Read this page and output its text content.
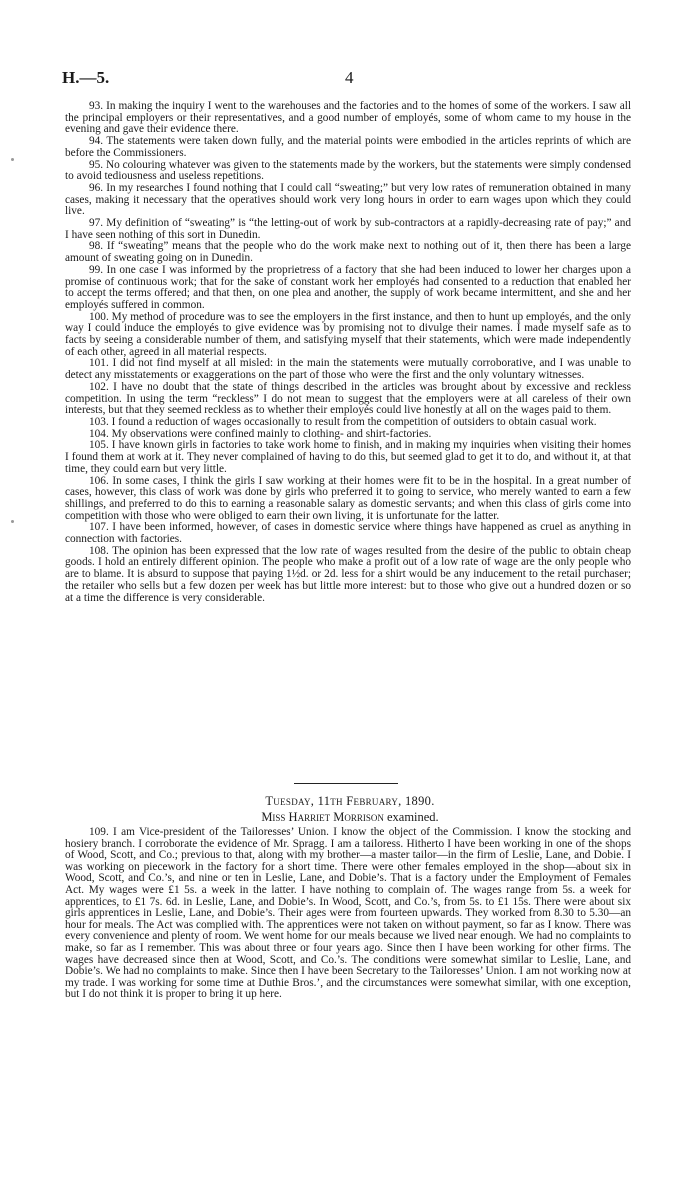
H.—5.	4

93. In making the inquiry I went to the warehouses and the factories and to the homes of some of the workers. I saw all the principal employers or their representatives, and a good number of employés, some of whom came to my house in the evening and gave their evidence there.

94. The statements were taken down fully, and the material points were embodied in the articles reprints of which are before the Commissioners.

95. No colouring whatever was given to the statements made by the workers, but the statements were simply condensed to avoid tediousness and useless repetitions.

96. In my researches I found nothing that I could call “sweating;” but very low rates of remuneration obtained in many cases, making it necessary that the operatives should work very long hours in order to earn wages upon which they could live.

97. My definition of “sweating” is “the letting-out of work by sub-contractors at a rapidly-decreasing rate of pay;” and I have seen nothing of this sort in Dunedin.

98. If “sweating” means that the people who do the work make next to nothing out of it, then there has been a large amount of sweating going on in Dunedin.

99. In one case I was informed by the proprietress of a factory that she had been induced to lower her charges upon a promise of continuous work; that for the sake of constant work her employés had consented to a reduction that enabled her to accept the terms offered; and that then, on one plea and another, the supply of work became intermittent, and she and her employés suffered in common.

100. My method of procedure was to see the employers in the first instance, and then to hunt up employés, and the only way I could induce the employés to give evidence was by promising not to divulge their names. I made myself safe as to facts by seeing a considerable number of them, and satisfying myself that their statements, which were made independently of each other, agreed in all material respects.

101. I did not find myself at all misled: in the main the statements were mutually corroborative, and I was unable to detect any misstatements or exaggerations on the part of those who were the first and the only voluntary witnesses.

102. I have no doubt that the state of things described in the articles was brought about by excessive and reckless competition. In using the term “reckless” I do not mean to suggest that the employers were at all careless of their own interests, but that they seemed reckless as to whether their employés could live honestly at all on the wages paid to them.

103. I found a reduction of wages occasionally to result from the competition of outsiders to obtain casual work.

104. My observations were confined mainly to clothing- and shirt-factories.

105. I have known girls in factories to take work home to finish, and in making my inquiries when visiting their homes I found them at work at it. They never complained of having to do this, but seemed glad to get it to do, and without it, at that time, they could earn but very little.

106. In some cases, I think the girls I saw working at their homes were fit to be in the hospital. In a great number of cases, however, this class of work was done by girls who preferred it to going to service, who merely wanted to earn a few shillings, and preferred to do this to earning a reasonable salary as domestic servants; and when this class of girls come into competition with those who were obliged to earn their own living, it is unfortunate for the latter.

107. I have been informed, however, of cases in domestic service where things have happened as cruel as anything in connection with factories.

108. The opinion has been expressed that the low rate of wages resulted from the desire of the public to obtain cheap goods. I hold an entirely different opinion. The people who make a profit out of a low rate of wage are the only people who are to blame. It is absurd to suppose that paying 1½d. or 2d. less for a shirt would be any inducement to the retail purchaser; the retailer who sells but a few dozen per week has but little more interest: but to those who give out a hundred dozen or so at a time the difference is very considerable.

Tuesday, 11th February, 1890.
Miss Harriet Morrison examined.

109. I am Vice-president of the Tailoresses’ Union. I know the object of the Commission. I know the stocking and hosiery branch. I corroborate the evidence of Mr. Spragg. I am a tailoress. Hitherto I have been working in one of the shops of Wood, Scott, and Co.; previous to that, along with my brother—a master tailor—in the firm of Leslie, Lane, and Dobie. I was working on piecework in the factory for a short time. There were other females employed in the shop—about six in Wood, Scott, and Co.’s, and nine or ten in Leslie, Lane, and Dobie’s. That is a factory under the Employment of Females Act. My wages were £1 5s. a week in the latter. I have nothing to complain of. The wages range from 5s. a week for apprentices, to £1 7s. 6d. in Leslie, Lane, and Dobie’s. In Wood, Scott, and Co.’s, from 5s. to £1 15s. There were about six girls apprentices in Leslie, Lane, and Dobie’s. Their ages were from fourteen upwards. They worked from 8.30 to 5.30—an hour for meals. The Act was complied with. The apprentices were not taken on without payment, so far as I know. There was every convenience and plenty of room. We went home for our meals because we lived near enough. We had no complaints to make, so far as I remember. This was about three or four years ago. Since then I have been working for other firms. The wages have decreased since then at Wood, Scott, and Co.’s. The conditions were somewhat similar to Leslie, Lane, and Dobie’s. We had no complaints to make. Since then I have been Secretary to the Tailoresses’ Union. I am not working now at my trade. I was working for some time at Duthie Bros.’, and the circumstances were somewhat similar, with one exception, but I do not think it is proper to bring it up here.
